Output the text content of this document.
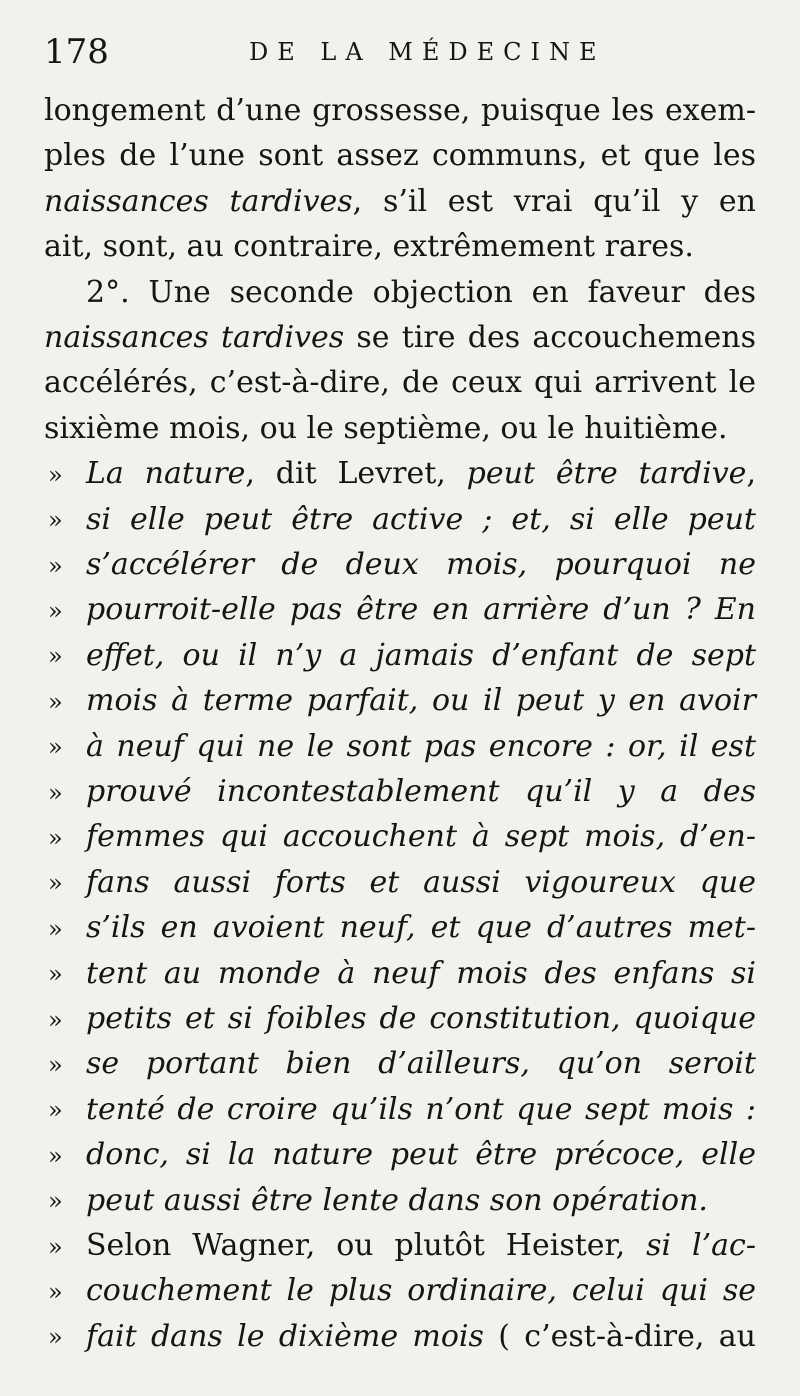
178	DE LA MÉDECINE
longement d’une grossesse, puisque les exem-
ples de l’une sont assez communs, et que les
naissances tardives, s’il est vrai qu’il y en
ait, sont, au contraire, extrêmement rares.
2°. Une seconde objection en faveur des
naissances tardives se tire des accouchemens
accélérés, c’est-à-dire, de ceux qui arrivent le
sixième mois, ou le septième, ou le huitième.
» La nature, dit Levret, peut être tardive,
» si elle peut être active ; et, si elle peut
» s’accélérer de deux mois, pourquoi ne
» pourroit-elle pas être en arrière d’un ? En
» effet, ou il n’y a jamais d’enfant de sept
» mois à terme parfait, ou il peut y en avoir
» à neuf qui ne le sont pas encore : or, il est
» prouvé incontestablement qu’il y a des
» femmes qui accouchent à sept mois, d’en-
» fans aussi forts et aussi vigoureux que
» s’ils en avoient neuf, et que d’autres met-
» tent au monde à neuf mois des enfans si
» petits et si foibles de constitution, quoique
» se portant bien d’ailleurs, qu’on seroit
» tenté de croire qu’ils n’ont que sept mois :
» donc, si la nature peut être précoce, elle
» peut aussi être lente dans son opération.
» Selon Wagner, ou plutôt Heister, si l’ac-
» couchement le plus ordinaire, celui qui se
» fait dans le dixième mois ( c’est-à-dire, au
